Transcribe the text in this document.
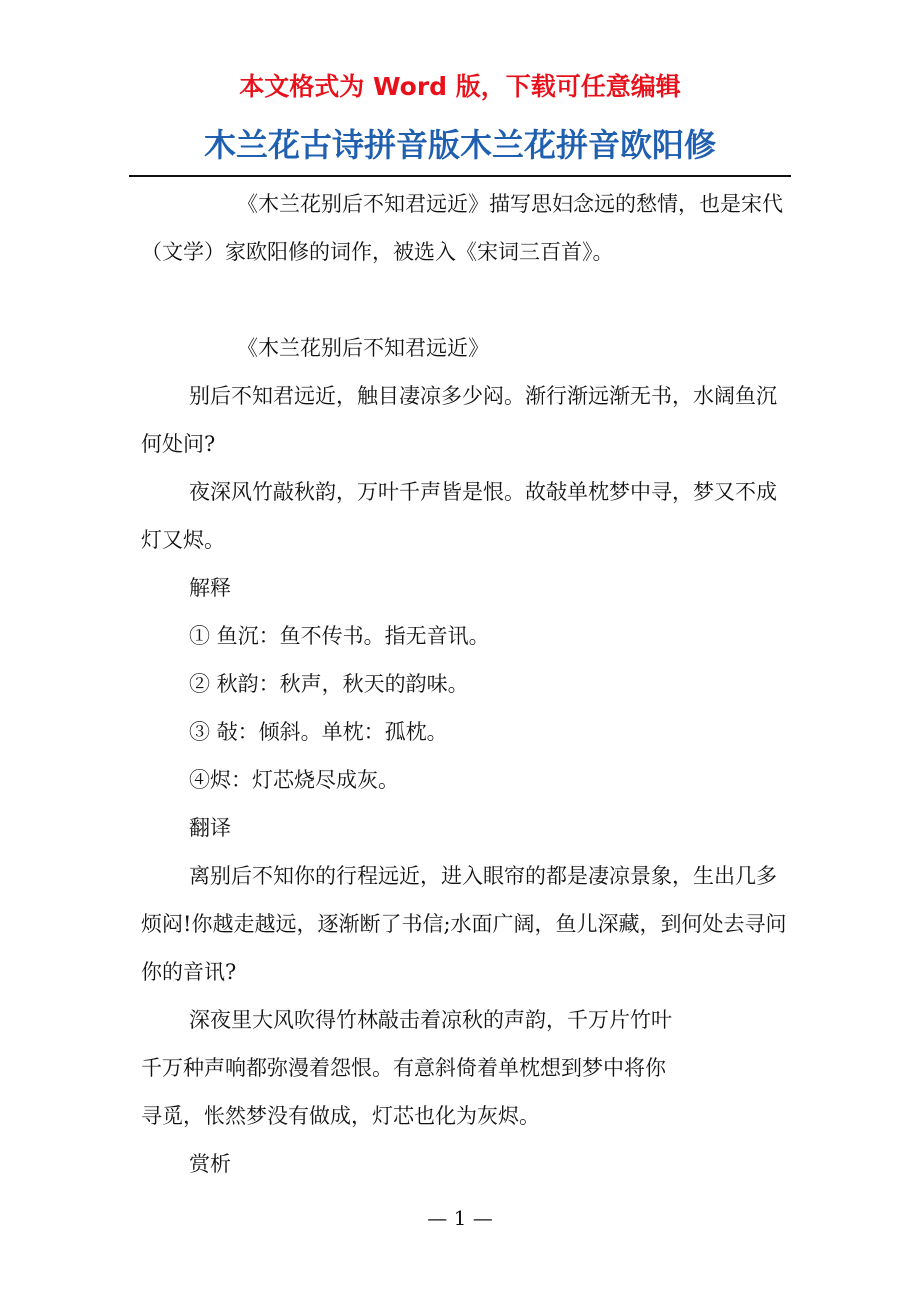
本文格式为 Word 版，下载可任意编辑
木兰花古诗拼音版木兰花拼音欧阳修

《木兰花别后不知君远近》描写思妇念远的愁情，也是宋代（文学）家欧阳修的词作，被选入《宋词三百首》。

《木兰花别后不知君远近》

别后不知君远近，触目凄凉多少闷。渐行渐远渐无书，水阔鱼沉何处问?

夜深风竹敲秋韵，万叶千声皆是恨。故敧单枕梦中寻，梦又不成灯又烬。

解释

① 鱼沉：鱼不传书。指无音讯。

② 秋韵：秋声，秋天的韵味。

③ 敧：倾斜。单枕：孤枕。

④烬：灯芯烧尽成灰。

翻译

离别后不知你的行程远近，进入眼帘的都是凄凉景象，生出几多烦闷!你越走越远，逐渐断了书信;水面广阔，鱼儿深藏，到何处去寻问你的音讯?

深夜里大风吹得竹林敲击着凉秋的声韵，千万片竹叶
千万种声响都弥漫着怨恨。有意斜倚着单枕想到梦中将你
寻觅，怅然梦没有做成，灯芯也化为灰烬。

赏析

— 1 —
